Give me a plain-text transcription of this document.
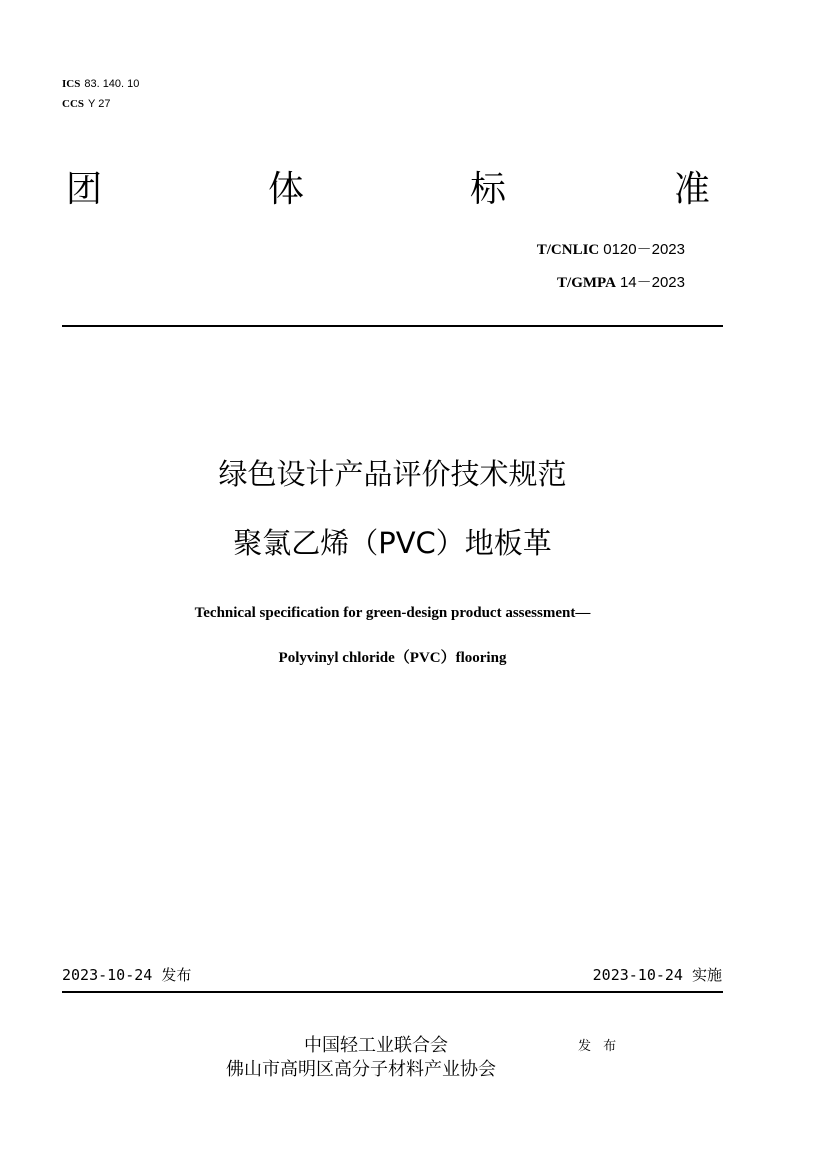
ICS 83. 140. 10
CCS Y 27
团	体	标	准
T/CNLIC 0120－2023
T/GMPA 14－2023
绿色设计产品评价技术规范
聚氯乙烯（PVC）地板革
Technical specification for green-design product assessment—
Polyvinyl chloride（PVC）flooring
2023-10-24 发布	2023-10-24 实施
中国轻工业联合会
佛山市高明区高分子材料产业协会
发 布
